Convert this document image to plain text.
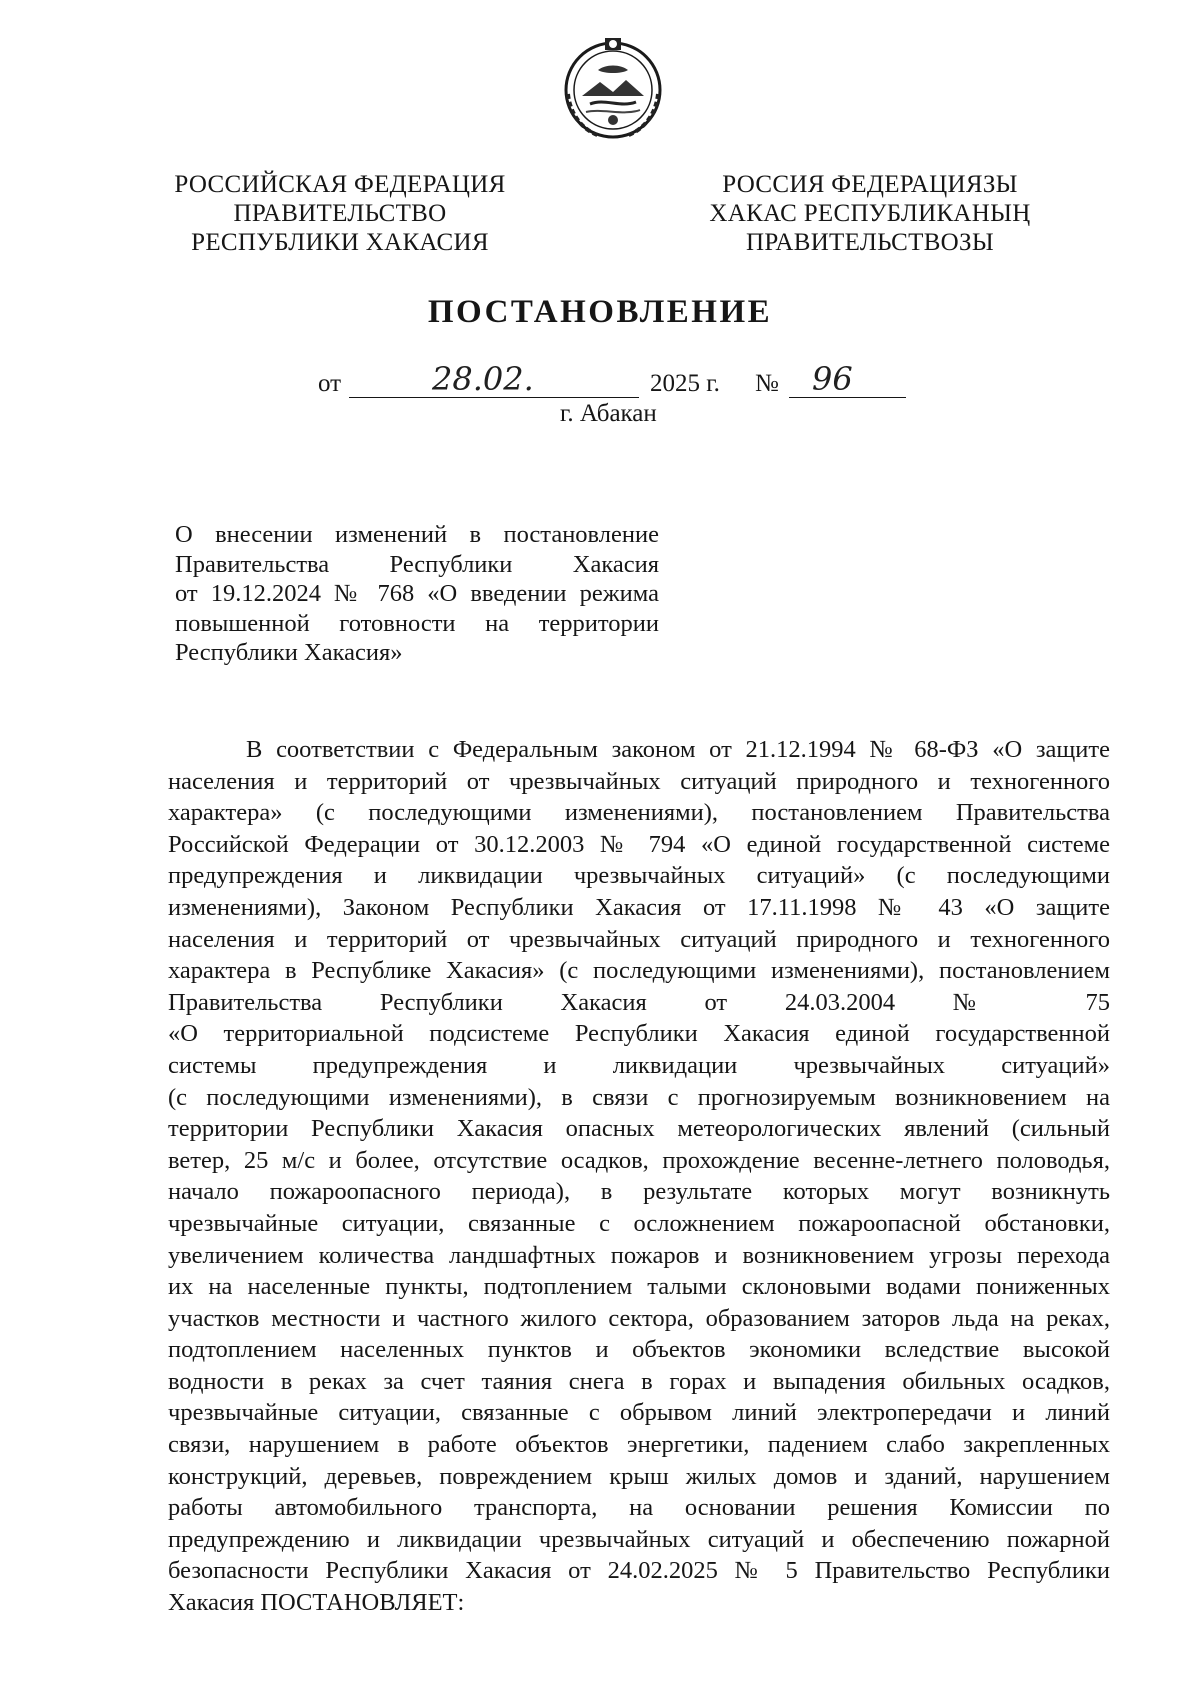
РОССИЙСКАЯ ФЕДЕРАЦИЯ
ПРАВИТЕЛЬСТВО
РЕСПУБЛИКИ ХАКАСИЯ
РОССИЯ ФЕДЕРАЦИЯЗЫ
ХАКАС РЕСПУБЛИКАНЫҢ
ПРАВИТЕЛЬСТВОЗЫ
ПОСТАНОВЛЕНИЕ
от	28.02.	2025 г. № 96
г. Абакан
О внесении изменений в постановление
Правительства Республики Хакасия
от 19.12.2024 № 768 «О введении режима
повышенной готовности на территории
Республики Хакасия»
В соответствии с Федеральным законом от 21.12.1994 № 68-ФЗ «О защите
населения и территорий от чрезвычайных ситуаций природного и техногенного
характера» (с последующими изменениями), постановлением Правительства
Российской Федерации от 30.12.2003 № 794 «О единой государственной системе
предупреждения и ликвидации чрезвычайных ситуаций» (с последующими
изменениями), Законом Республики Хакасия от 17.11.1998 № 43 «О защите
населения и территорий от чрезвычайных ситуаций природного и техногенного
характера в Республике Хакасия» (с последующими изменениями), постановлением
Правительства Республики Хакасия от 24.03.2004 № 75
«О территориальной подсистеме Республики Хакасия единой государственной
системы предупреждения и ликвидации чрезвычайных ситуаций»
(с последующими изменениями), в связи с прогнозируемым возникновением на
территории Республики Хакасия опасных метеорологических явлений (сильный
ветер, 25 м/с и более, отсутствие осадков, прохождение весенне-летнего половодья,
начало пожароопасного периода), в результате которых могут возникнуть
чрезвычайные ситуации, связанные с осложнением пожароопасной обстановки,
увеличением количества ландшафтных пожаров и возникновением угрозы перехода
их на населенные пункты, подтоплением талыми склоновыми водами пониженных
участков местности и частного жилого сектора, образованием заторов льда на реках,
подтоплением населенных пунктов и объектов экономики вследствие высокой
водности в реках за счет таяния снега в горах и выпадения обильных осадков,
чрезвычайные ситуации, связанные с обрывом линий электропередачи и линий
связи, нарушением в работе объектов энергетики, падением слабо закрепленных
конструкций, деревьев, повреждением крыш жилых домов и зданий, нарушением
работы автомобильного транспорта, на основании решения Комиссии по
предупреждению и ликвидации чрезвычайных ситуаций и обеспечению пожарной
безопасности Республики Хакасия от 24.02.2025 № 5 Правительство Республики
Хакасия ПОСТАНОВЛЯЕТ:
